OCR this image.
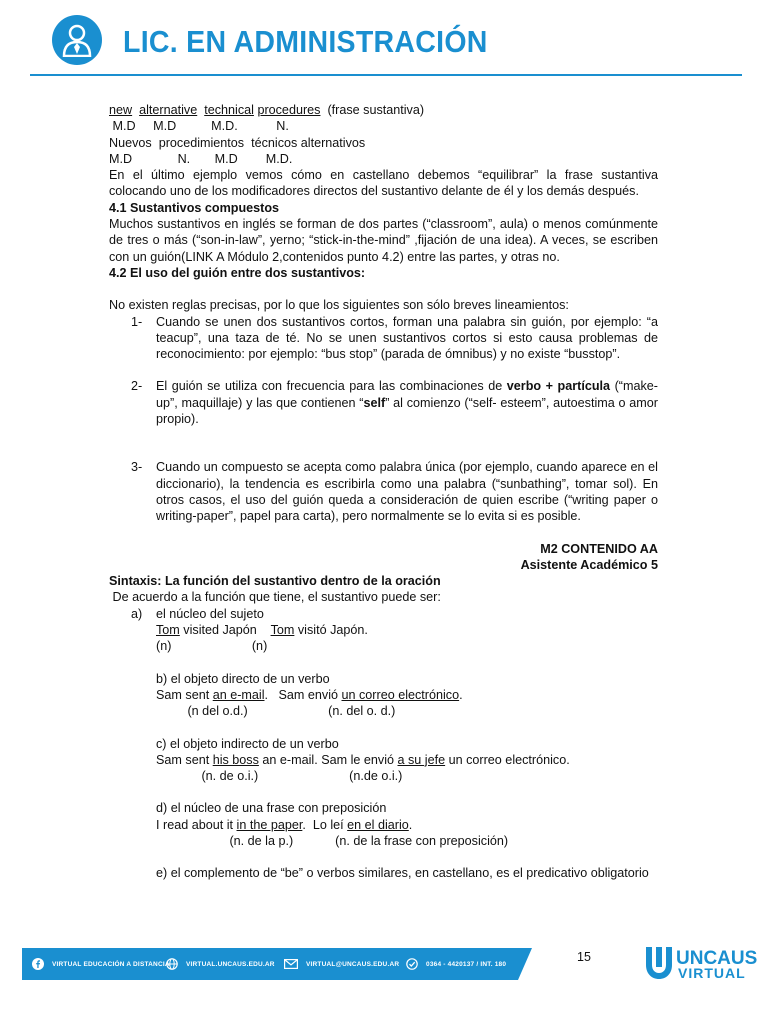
LIC. EN ADMINISTRACIÓN

new alternative technical procedures (frase sustantiva)

M.D     M.D          M.D.           N.

Nuevos  procedimientos  técnicos alternativos

M.D             N.       M.D        M.D.

En el último ejemplo vemos cómo en castellano debemos “equilibrar” la frase sustantiva colocando uno de los modificadores directos del sustantivo delante de él y los demás después.

4.1 Sustantivos compuestos

Muchos sustantivos en inglés se forman de dos partes (“classroom”, aula) o menos comúnmente de tres o más (“son-in-law”, yerno; “stick-in-the-mind” ,fijación de una idea). A veces, se escriben con un guión(LINK A Módulo 2,contenidos punto 4.2) entre las partes, y otras no.

4.2 El uso del guión entre dos sustantivos:

No existen reglas precisas, por lo que los siguientes son sólo breves lineamientos:

1- Cuando se unen dos sustantivos cortos, forman una palabra sin guión, por ejemplo: “a teacup”, una taza de té. No se unen sustantivos cortos si esto causa problemas de reconocimiento: por ejemplo: “bus stop” (parada de ómnibus) y no existe “busstop”.
2- El guión se utiliza con frecuencia para las combinaciones de verbo + partícula (“make-up”, maquillaje) y las que contienen “self” al comienzo (“self- esteem”, autoestima o amor propio).
3- Cuando un compuesto se acepta como palabra única (por ejemplo, cuando aparece en el diccionario), la tendencia es escribirla como una palabra (“sunbathing”, tomar sol). En otros casos, el uso del guión queda a consideración de quien escribe (“writing paper o writing-paper”, papel para carta), pero normalmente se lo evita si es posible.

M2 CONTENIDO AA

Asistente Académico 5

Sintaxis: La función del sustantivo dentro de la oración

De acuerdo a la función que tiene, el sustantivo puede ser:

a) el núcleo del sujeto

Tom visited Japón    Tom visitó Japón.

(n)                       (n)

b) el objeto directo de un verbo

Sam sent an e-mail.   Sam envió un correo electrónico.

(n del o.d.)                       (n. del o. d.)

c) el objeto indirecto de un verbo

Sam sent his boss an e-mail. Sam le envió a su jefe un correo electrónico.

(n. de o.i.)                          (n.de o.i.)

d) el núcleo de una frase con preposición

I read about it in the paper.  Lo leí en el diario.

(n. de la p.)            (n. de la frase con preposición)

e) el complemento de “be” o verbos similares, en castellano, es el predicativo obligatorio

VIRTUAL EDUCACIÓN A DISTANCIA	VIRTUAL.UNCAUS.EDU.AR	VIRTUAL@UNCAUS.EDU.AR	0364 - 4420137 / INT. 180	15	UNCAUS
VIRTUAL
